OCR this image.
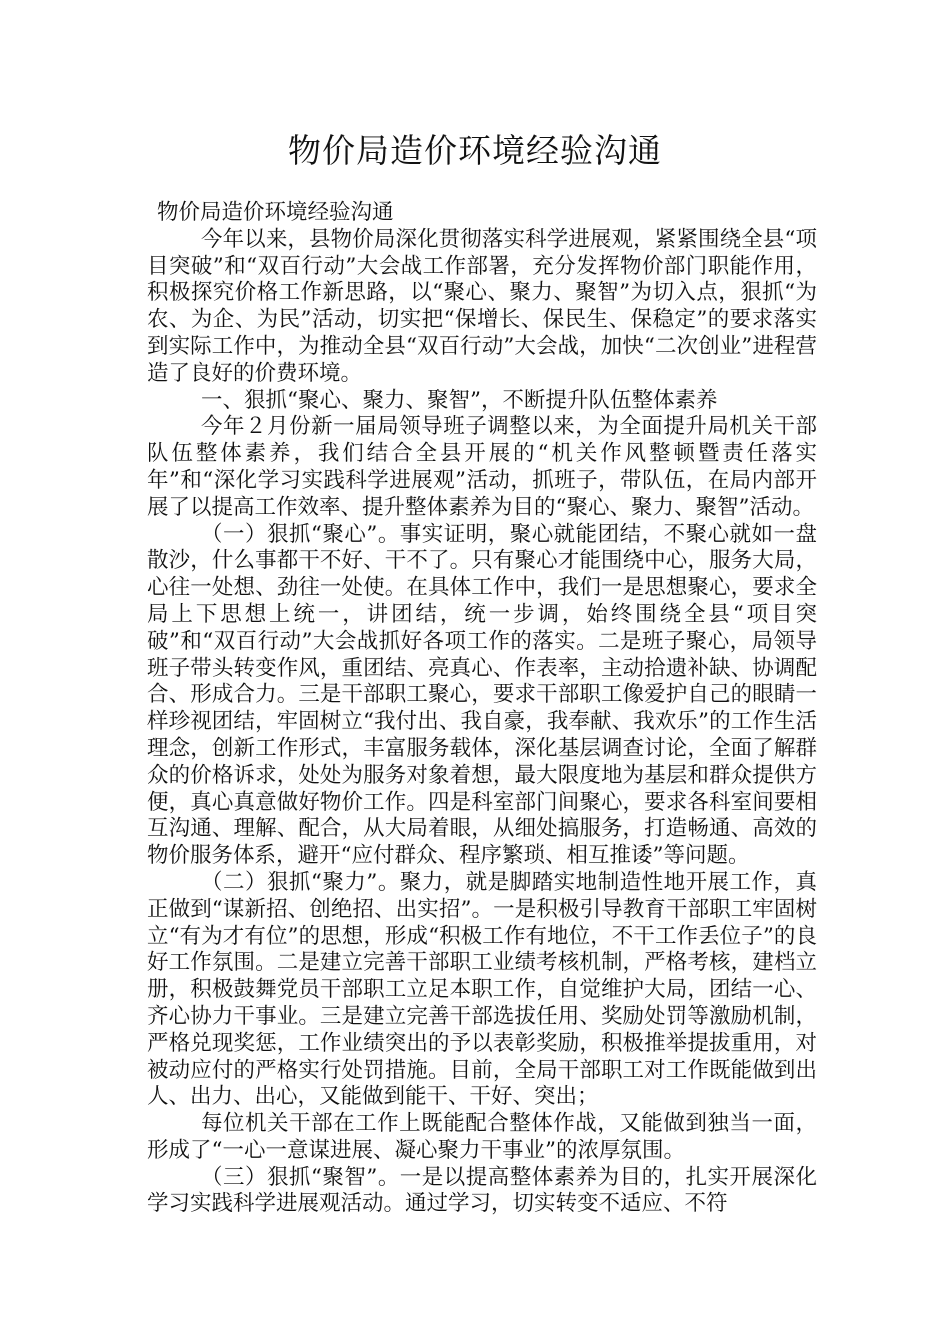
物价局造价环境经验沟通

物价局造价环境经验沟通

今年以来，县物价局深化贯彻落实科学进展观，紧紧围绕全县“项目突破”和“双百行动”大会战工作部署，充分发挥物价部门职能作用，积极探究价格工作新思路，以“聚心、聚力、聚智”为切入点，狠抓“为农、为企、为民”活动，切实把“保增长、保民生、保稳定”的要求落实到实际工作中，为推动全县“双百行动”大会战，加快“二次创业”进程营造了良好的价费环境。

一、狠抓“聚心、聚力、聚智”，不断提升队伍整体素养

今年２月份新一届局领导班子调整以来，为全面提升局机关干部队伍整体素养，我们结合全县开展的“机关作风整顿暨责任落实年”和“深化学习实践科学进展观”活动，抓班子，带队伍，在局内部开展了以提高工作效率、提升整体素养为目的“聚心、聚力、聚智”活动。

（一）狠抓“聚心”。事实证明，聚心就能团结，不聚心就如一盘散沙，什么事都干不好、干不了。只有聚心才能围绕中心，服务大局，心往一处想、劲往一处使。在具体工作中，我们一是思想聚心，要求全局上下思想上统一，讲团结，统一步调，始终围绕全县“项目突破”和“双百行动”大会战抓好各项工作的落实。二是班子聚心，局领导班子带头转变作风，重团结、亮真心、作表率，主动拾遗补缺、协调配合、形成合力。三是干部职工聚心，要求干部职工像爱护自己的眼睛一样珍视团结，牢固树立“我付出、我自豪，我奉献、我欢乐”的工作生活理念，创新工作形式，丰富服务载体，深化基层调查讨论，全面了解群众的价格诉求，处处为服务对象着想，最大限度地为基层和群众提供方便，真心真意做好物价工作。四是科室部门间聚心，要求各科室间要相互沟通、理解、配合，从大局着眼，从细处搞服务，打造畅通、高效的物价服务体系，避开“应付群众、程序繁琐、相互推诿”等问题。

（二）狠抓“聚力”。聚力，就是脚踏实地制造性地开展工作，真正做到“谋新招、创绝招、出实招”。一是积极引导教育干部职工牢固树立“有为才有位”的思想，形成“积极工作有地位，不干工作丢位子”的良好工作氛围。二是建立完善干部职工业绩考核机制，严格考核，建档立册，积极鼓舞党员干部职工立足本职工作，自觉维护大局，团结一心、齐心协力干事业。三是建立完善干部选拔任用、奖励处罚等激励机制，严格兑现奖惩，工作业绩突出的予以表彰奖励，积极推举提拔重用，对被动应付的严格实行处罚措施。目前，全局干部职工对工作既能做到出人、出力、出心，又能做到能干、干好、突出；

每位机关干部在工作上既能配合整体作战，又能做到独当一面，形成了“一心一意谋进展、凝心聚力干事业”的浓厚氛围。

（三）狠抓“聚智”。一是以提高整体素养为目的，扎实开展深化学习实践科学进展观活动。通过学习，切实转变不适应、不符
